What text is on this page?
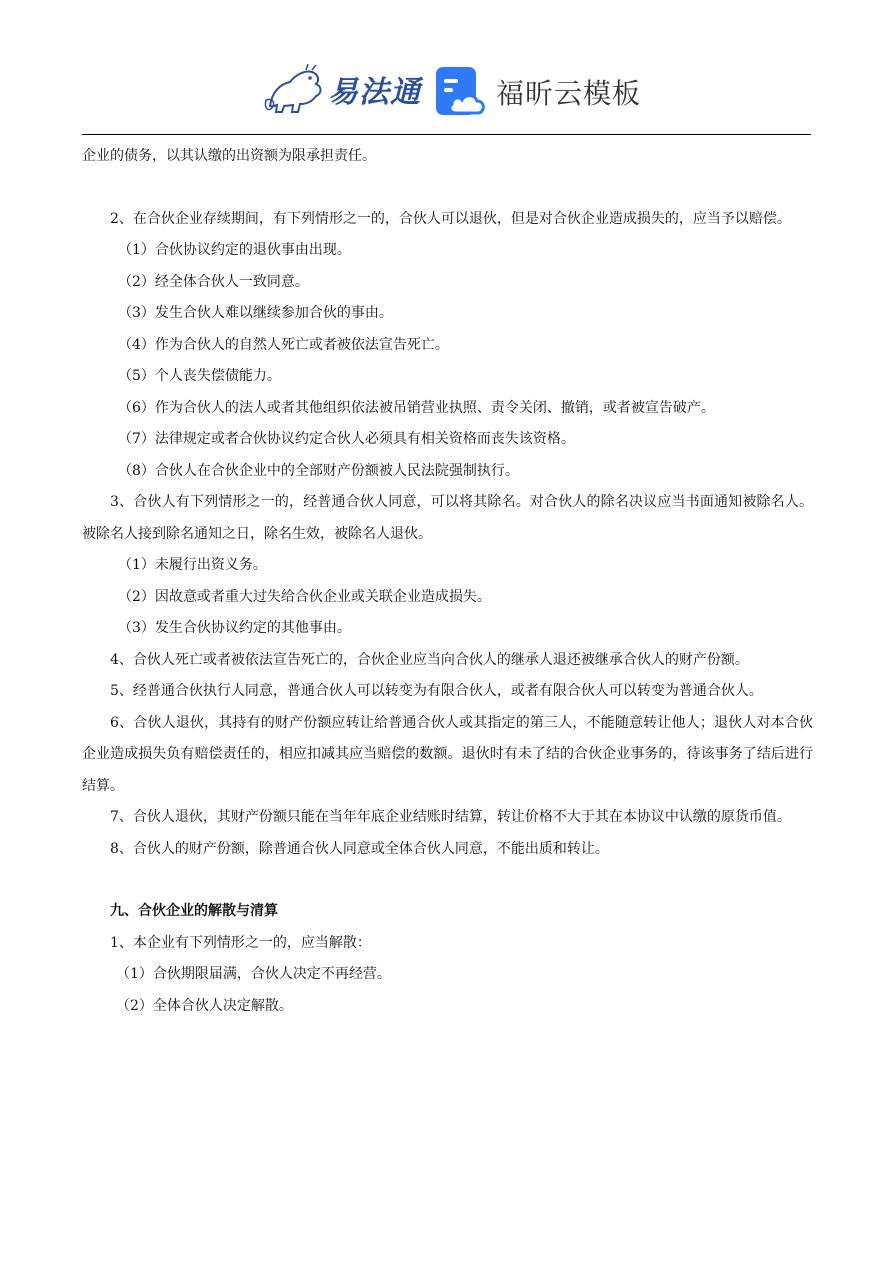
易法通	福昕云模板

企业的债务，以其认缴的出资额为限承担责任。

2、在合伙企业存续期间，有下列情形之一的，合伙人可以退伙，但是对合伙企业造成损失的，应当予以赔偿。

（1）合伙协议约定的退伙事由出现。

（2）经全体合伙人一致同意。

（3）发生合伙人难以继续参加合伙的事由。

（4）作为合伙人的自然人死亡或者被依法宣告死亡。

（5）个人丧失偿债能力。

（6）作为合伙人的法人或者其他组织依法被吊销营业执照、责令关闭、撤销，或者被宣告破产。

（7）法律规定或者合伙协议约定合伙人必须具有相关资格而丧失该资格。

（8）合伙人在合伙企业中的全部财产份额被人民法院强制执行。

3、合伙人有下列情形之一的，经普通合伙人同意，可以将其除名。对合伙人的除名决议应当书面通知被除名人。被除名人接到除名通知之日，除名生效，被除名人退伙。

（1）未履行出资义务。

（2）因故意或者重大过失给合伙企业或关联企业造成损失。

（3）发生合伙协议约定的其他事由。

4、合伙人死亡或者被依法宣告死亡的，合伙企业应当向合伙人的继承人退还被继承合伙人的财产份额。

5、经普通合伙执行人同意，普通合伙人可以转变为有限合伙人，或者有限合伙人可以转变为普通合伙人。

6、合伙人退伙，其持有的财产份额应转让给普通合伙人或其指定的第三人，不能随意转让他人；退伙人对本合伙企业造成损失负有赔偿责任的，相应扣减其应当赔偿的数额。退伙时有未了结的合伙企业事务的，待该事务了结后进行结算。

7、合伙人退伙，其财产份额只能在当年年底企业结账时结算，转让价格不大于其在本协议中认缴的原货币值。

8、合伙人的财产份额，除普通合伙人同意或全体合伙人同意，不能出质和转让。

九、合伙企业的解散与清算

1、本企业有下列情形之一的，应当解散：

（1）合伙期限届满，合伙人决定不再经营。

（2）全体合伙人决定解散。
